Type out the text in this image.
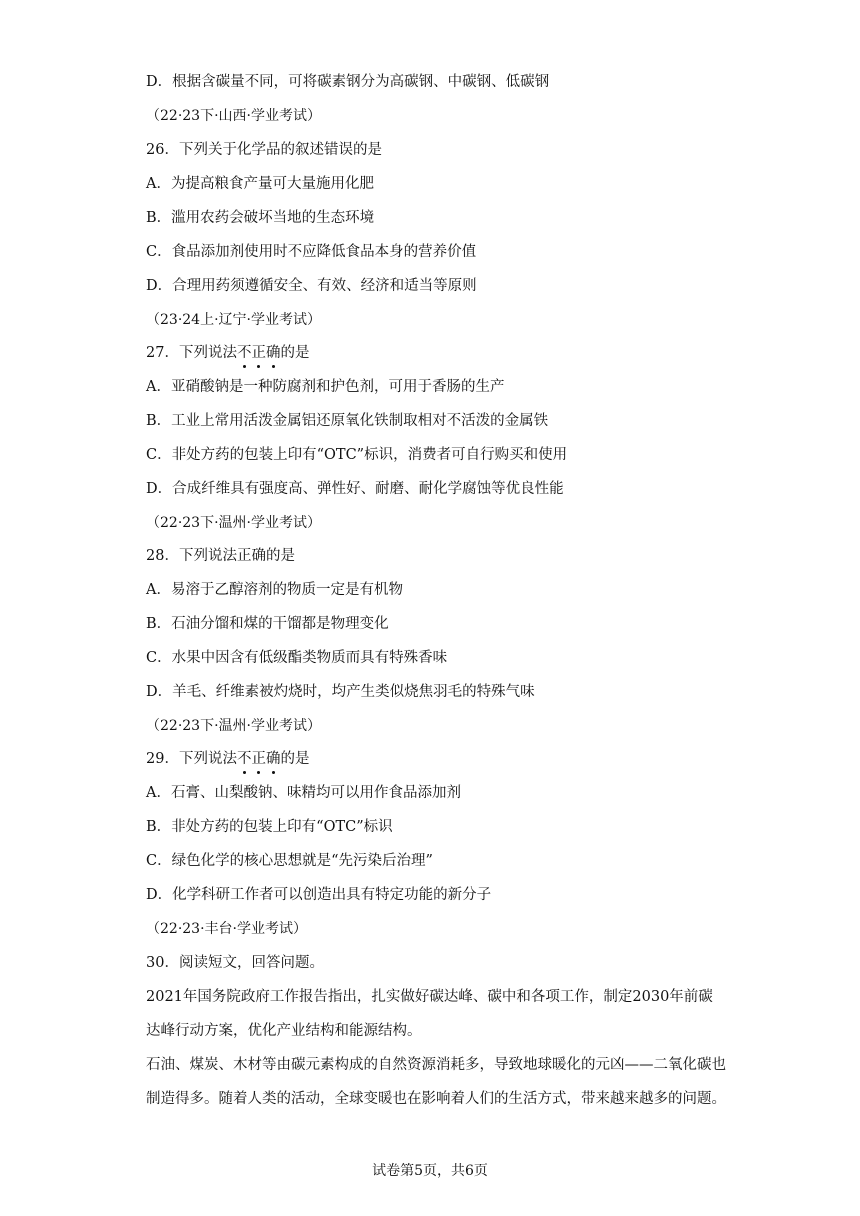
D．根据含碳量不同，可将碳素钢分为高碳钢、中碳钢、低碳钢
（22·23下·山西·学业考试）
26．下列关于化学品的叙述错误的是
A．为提高粮食产量可大量施用化肥
B．滥用农药会破坏当地的生态环境
C．食品添加剂使用时不应降低食品本身的营养价值
D．合理用药须遵循安全、有效、经济和适当等原则
（23·24上·辽宁·学业考试）
27．下列说法不正确的是
A．亚硝酸钠是一种防腐剂和护色剂，可用于香肠的生产
B．工业上常用活泼金属铝还原氧化铁制取相对不活泼的金属铁
C．非处方药的包装上印有“OTC”标识，消费者可自行购买和使用
D．合成纤维具有强度高、弹性好、耐磨、耐化学腐蚀等优良性能
（22·23下·温州·学业考试）
28．下列说法正确的是
A．易溶于乙醇溶剂的物质一定是有机物
B．石油分馏和煤的干馏都是物理变化
C．水果中因含有低级酯类物质而具有特殊香味
D．羊毛、纤维素被灼烧时，均产生类似烧焦羽毛的特殊气味
（22·23下·温州·学业考试）
29．下列说法不正确的是
A．石膏、山梨酸钠、味精均可以用作食品添加剂
B．非处方药的包装上印有“OTC”标识
C．绿色化学的核心思想就是“先污染后治理”
D．化学科研工作者可以创造出具有特定功能的新分子
（22·23·丰台·学业考试）
30．阅读短文，回答问题。
2021年国务院政府工作报告指出，扎实做好碳达峰、碳中和各项工作，制定2030年前碳达峰行动方案，优化产业结构和能源结构。
石油、煤炭、木材等由碳元素构成的自然资源消耗多，导致地球暖化的元凶——二氧化碳也制造得多。随着人类的活动，全球变暖也在影响着人们的生活方式，带来越来越多的问题。
试卷第5页，共6页
